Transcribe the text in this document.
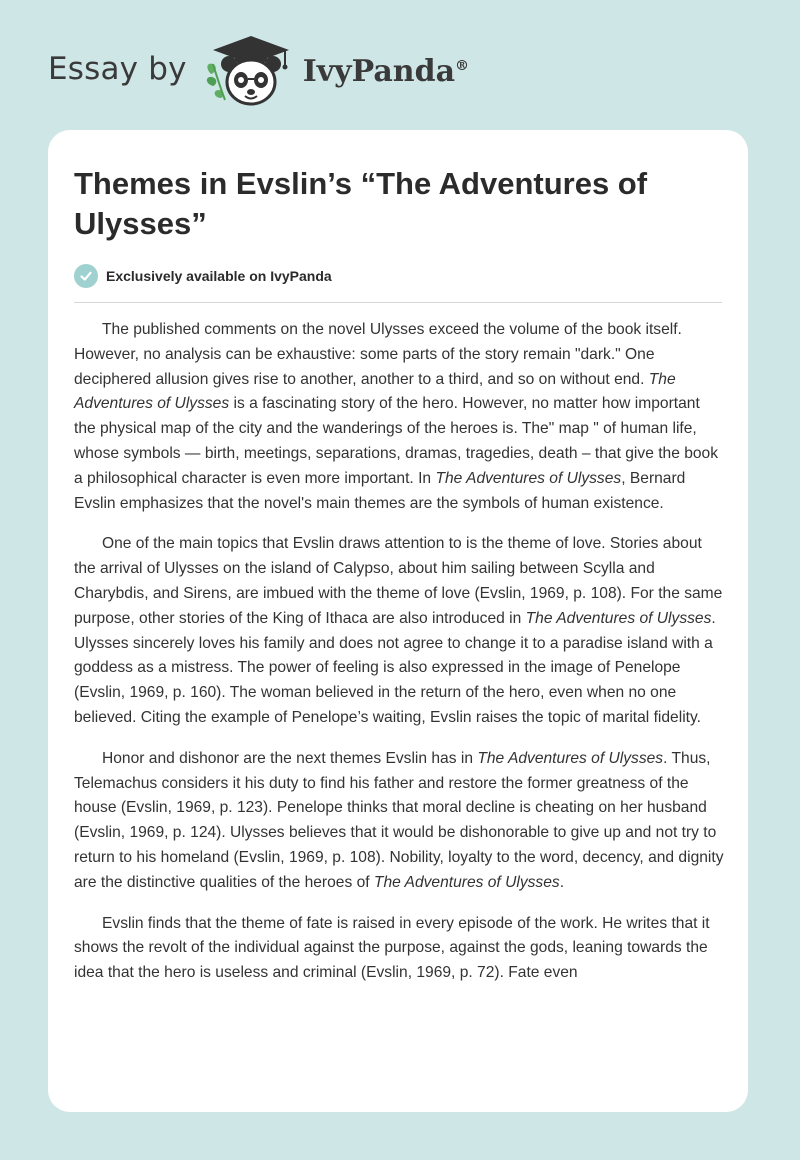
Essay by	IvyPanda®
Themes in Evslin’s “The Adventures of Ulysses”
Exclusively available on IvyPanda

The published comments on the novel Ulysses exceed the volume of the book itself. However, no analysis can be exhaustive: some parts of the story remain "dark." One deciphered allusion gives rise to another, another to a third, and so on without end. The Adventures of Ulysses is a fascinating story of the hero. However, no matter how important the physical map of the city and the wanderings of the heroes is. The" map " of human life, whose symbols — birth, meetings, separations, dramas, tragedies, death – that give the book a philosophical character is even more important. In The Adventures of Ulysses, Bernard Evslin emphasizes that the novel's main themes are the symbols of human existence.

One of the main topics that Evslin draws attention to is the theme of love. Stories about the arrival of Ulysses on the island of Calypso, about him sailing between Scylla and Charybdis, and Sirens, are imbued with the theme of love (Evslin, 1969, p. 108). For the same purpose, other stories of the King of Ithaca are also introduced in The Adventures of Ulysses. Ulysses sincerely loves his family and does not agree to change it to a paradise island with a goddess as a mistress. The power of feeling is also expressed in the image of Penelope (Evslin, 1969, p. 160). The woman believed in the return of the hero, even when no one believed. Citing the example of Penelope’s waiting, Evslin raises the topic of marital fidelity.

Honor and dishonor are the next themes Evslin has in The Adventures of Ulysses. Thus, Telemachus considers it his duty to find his father and restore the former greatness of the house (Evslin, 1969, p. 123). Penelope thinks that moral decline is cheating on her husband (Evslin, 1969, p. 124). Ulysses believes that it would be dishonorable to give up and not try to return to his homeland (Evslin, 1969, p. 108). Nobility, loyalty to the word, decency, and dignity are the distinctive qualities of the heroes of The Adventures of Ulysses.

Evslin finds that the theme of fate is raised in every episode of the work. He writes that it shows the revolt of the individual against the purpose, against the gods, leaning towards the idea that the hero is useless and criminal (Evslin, 1969, p. 72). Fate even
